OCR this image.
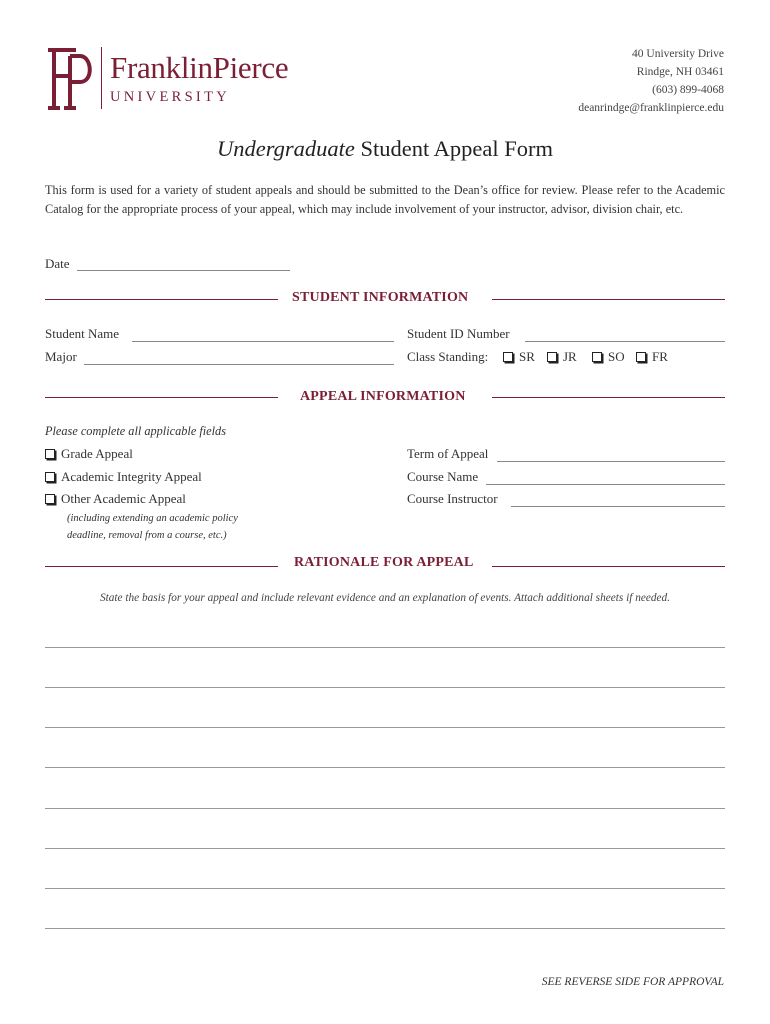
FranklinPierce
UNIVERSITY
40 University Drive
Rindge, NH 03461
(603) 899-4068
deanrindge@franklinpierce.edu
Undergraduate Student Appeal Form
This form is used for a variety of student appeals and should be submitted to the Dean’s office for review. Please refer to the Academic Catalog for the appropriate process of your appeal, which may include involvement of your instructor, advisor, division chair, etc.
Date
STUDENT INFORMATION
Student Name	Student ID Number
Major	Class Standing:	SR	JR	SO	FR
APPEAL INFORMATION
Please complete all applicable fields
Grade Appeal
Academic Integrity Appeal
Other Academic Appeal
(including extending an academic policy
deadline, removal from a course, etc.)
Term of Appeal
Course Name
Course Instructor
RATIONALE FOR APPEAL
State the basis for your appeal and include relevant evidence and an explanation of events. Attach additional sheets if needed.
SEE REVERSE SIDE FOR APPROVAL
